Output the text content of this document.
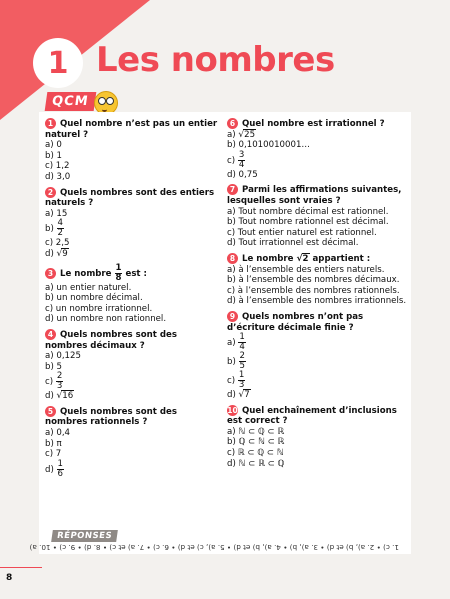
1 Les nombres
QCM
1 Quel nombre n’est pas un entier naturel ?
a) 0
b) 1
c) 1,2
d) 3,0
2 Quels nombres sont des entiers naturels ?
a) 15
$b) \frac{4}{2}$
c) 2,5
d) √9
3 Le nombre $\frac{1}{8}$ est :
a) un entier naturel.
b) un nombre décimal.
c) un nombre irrationnel.
d) un nombre non rationnel.
4 Quels nombres sont des nombres décimaux ?
a) 0,125
b) 5
$c) \frac{2}{3}$
d) √16
5 Quels nombres sont des nombres rationnels ?
a) 0,4
b) π
c) 7
$d) \frac{1}{6}$
6 Quel nombre est irrationnel ?
a) √25
b) 0,1010010001…
$c) \frac{3}{4}$
d) 0,75
7 Parmi les affirmations suivantes, lesquelles sont vraies ?
a) Tout nombre décimal est rationnel.
b) Tout nombre rationnel est décimal.
c) Tout entier naturel est rationnel.
d) Tout irrationnel est décimal.
8 Le nombre √2 appartient :
a) à l’ensemble des entiers naturels.
b) à l’ensemble des nombres décimaux.
c) à l’ensemble des nombres rationnels.
d) à l’ensemble des nombres irrationnels.
9 Quels nombres n’ont pas d’écriture décimale finie ?
$a) \frac{1}{4}$
$b) \frac{2}{5}$
$c) \frac{1}{3}$
d) √7
10 Quel enchaînement d’inclusions est correct ?
a) ℕ ⊂ ℚ ⊂ ℝ
b) ℚ ⊂ ℕ ⊂ ℝ
c) ℝ ⊂ ℚ ⊂ ℕ
d) ℕ ⊂ ℝ ⊂ ℚ
RÉPONSES
1. c) • 2. a), b) et d) • 3. a), b) • 4. a), b) et d) • 5. a), c) et d) • 6. c) • 7. a) et c) • 8. d) • 9. c) • 10. a)
8
